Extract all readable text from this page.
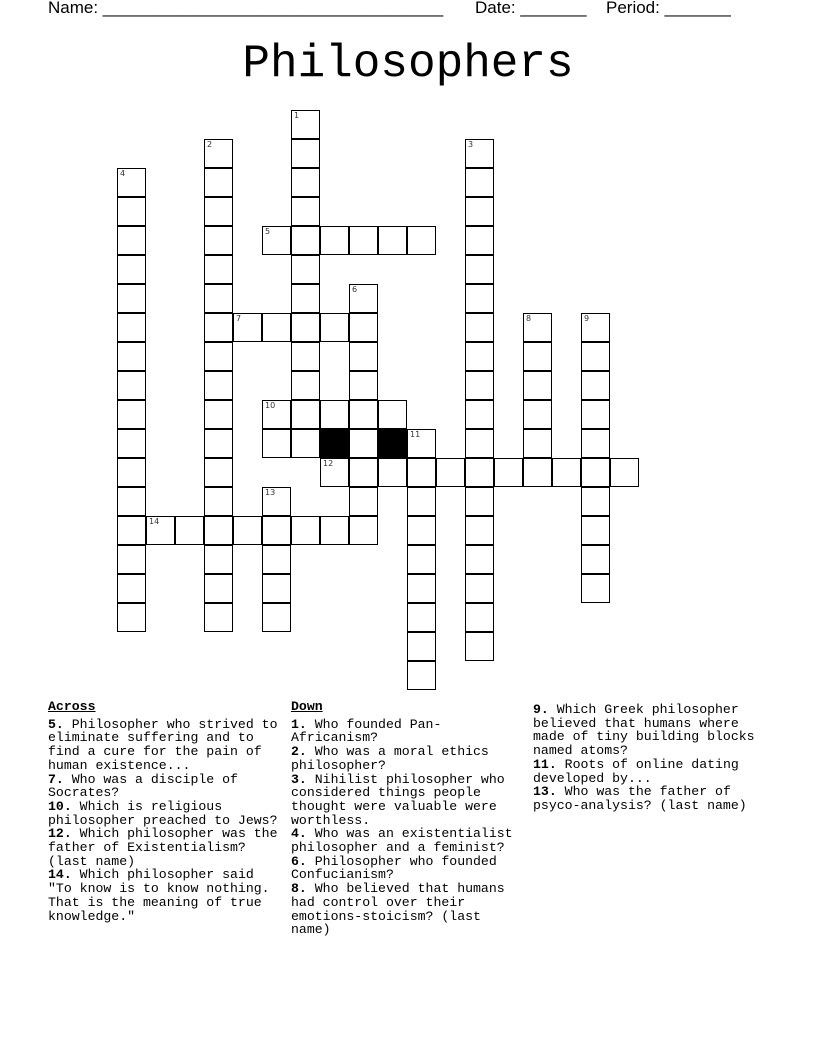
Name: ____________________________________ Date: _______ Period: _______
Philosophers
1
2	3
4
5
6
7	8	9
10
11
12
13
14
Across
5. Philosopher who strived to eliminate suffering and to find a cure for the pain of human existence...
7. Who was a disciple of Socrates?
10. Which is religious philosopher preached to Jews?
12. Which philosopher was the father of Existentialism? (last name)
14. Which philosopher said "To know is to know nothing. That is the meaning of true knowledge."
Down
1. Who founded Pan-Africanism?
2. Who was a moral ethics philosopher?
3. Nihilist philosopher who considered things people thought were valuable were worthless.
4. Who was an existentialist philosopher and a feminist?
6. Philosopher who founded Confucianism?
8. Who believed that humans had control over their emotions-stoicism? (last name)
9. Which Greek philosopher believed that humans where made of tiny building blocks named atoms?
11. Roots of online dating developed by...
13. Who was the father of psyco-analysis? (last name)
